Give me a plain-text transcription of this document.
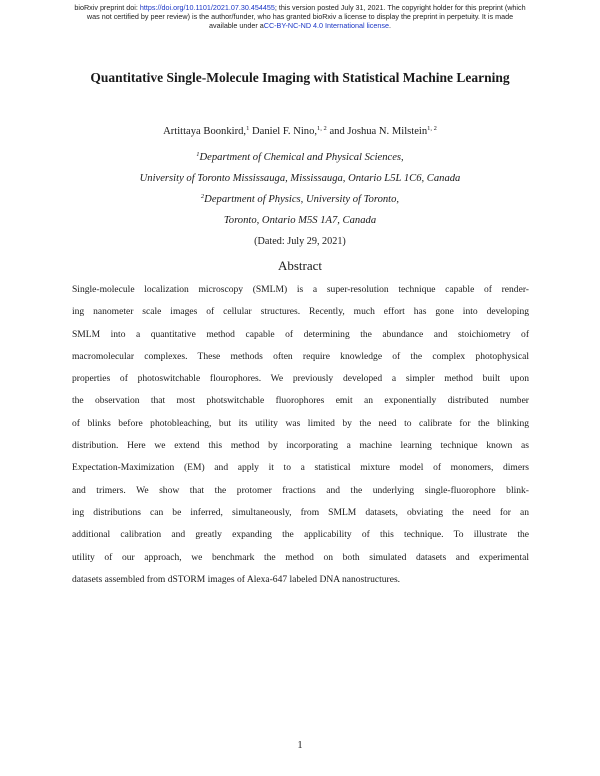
bioRxiv preprint doi: https://doi.org/10.1101/2021.07.30.454455; this version posted July 31, 2021. The copyright holder for this preprint (which
was not certified by peer review) is the author/funder, who has granted bioRxiv a license to display the preprint in perpetuity. It is made
available under aCC-BY-NC-ND 4.0 International license.
Quantitative Single-Molecule Imaging with Statistical Machine Learning
Artittaya Boonkird,$^1$ Daniel F. Nino,$^{1, 2}$ and Joshua N. Milstein$^{1, 2}$
$^1$Department of Chemical and Physical Sciences,
University of Toronto Mississauga, Mississauga, Ontario L5L 1C6, Canada
$^2$Department of Physics, University of Toronto,
Toronto, Ontario M5S 1A7, Canada
(Dated: July 29, 2021)
Abstract
Single-molecule localization microscopy (SMLM) is a super-resolution technique capable of render-
ing nanometer scale images of cellular structures. Recently, much effort has gone into developing
SMLM into a quantitative method capable of determining the abundance and stoichiometry of
macromolecular complexes. These methods often require knowledge of the complex photophysical
properties of photoswitchable flourophores. We previously developed a simpler method built upon
the observation that most photswitchable fluorophores emit an exponentially distributed number
of blinks before photobleaching, but its utility was limited by the need to calibrate for the blinking
distribution. Here we extend this method by incorporating a machine learning technique known as
Expectation-Maximization (EM) and apply it to a statistical mixture model of monomers, dimers
and trimers. We show that the protomer fractions and the underlying single-fluorophore blink-
ing distributions can be inferred, simultaneously, from SMLM datasets, obviating the need for an
additional calibration and greatly expanding the applicability of this technique. To illustrate the
utility of our approach, we benchmark the method on both simulated datasets and experimental
datasets assembled from dSTORM images of Alexa-647 labeled DNA nanostructures.
1
